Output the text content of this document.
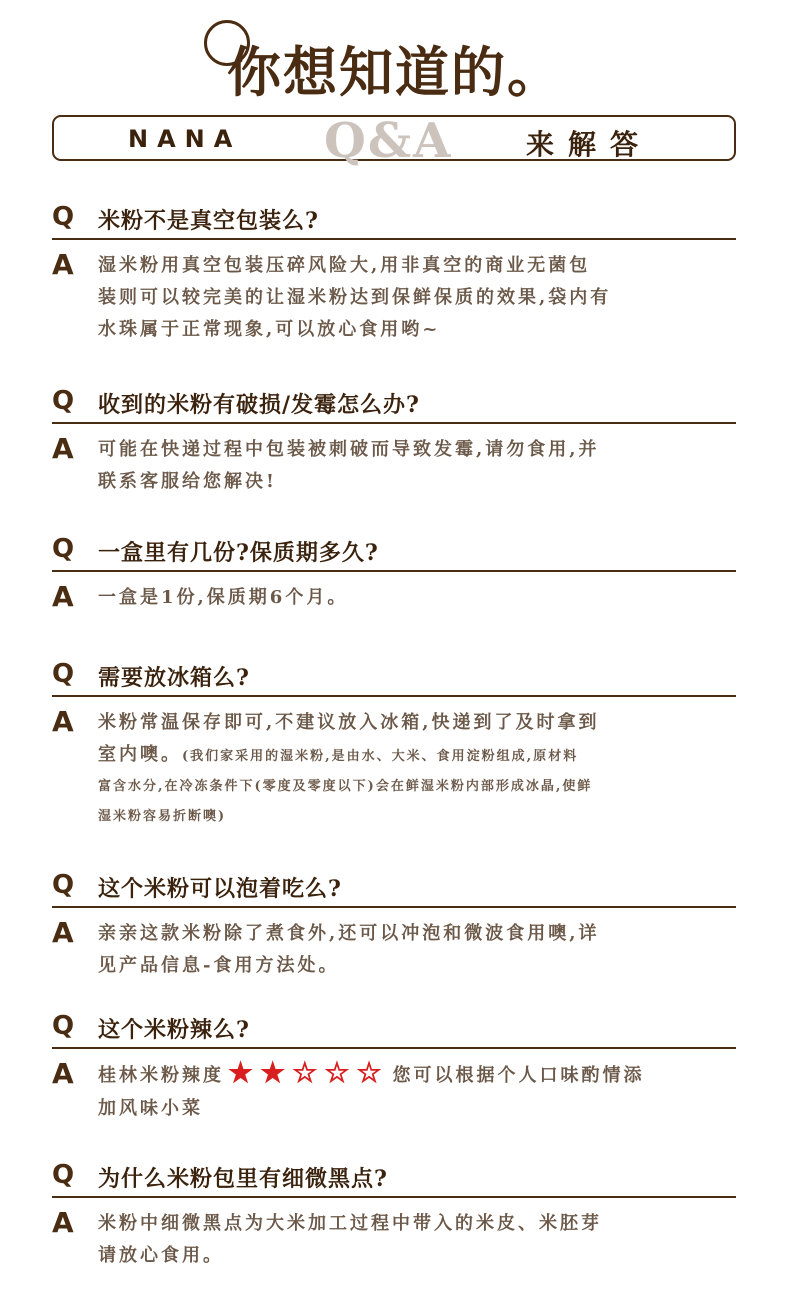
你想知道的。
NANA Q&A	来解答
Q 米粉不是真空包装么?
A 湿米粉用真空包装压碎风险大,用非真空的商业无菌包
装则可以较完美的让湿米粉达到保鲜保质的效果,袋内有
水珠属于正常现象,可以放心食用哟~
Q 收到的米粉有破损/发霉怎么办?
A 可能在快递过程中包装被刺破而导致发霉,请勿食用,并
联系客服给您解决!
Q 一盒里有几份?保质期多久?
A 一盒是1份,保质期6个月。
Q 需要放冰箱么?
A 米粉常温保存即可,不建议放入冰箱,快递到了及时拿到
室内噢。(我们家采用的湿米粉,是由水、大米、食用淀粉组成,原材料
富含水分,在冷冻条件下(零度及零度以下)会在鲜湿米粉内部形成冰晶,使鲜
湿米粉容易折断噢)
Q 这个米粉可以泡着吃么?
A 亲亲这款米粉除了煮食外,还可以冲泡和微波食用噢,详
见产品信息-食用方法处。
Q 这个米粉辣么?
A 桂林米粉辣度 ★ ★ ☆ ☆ ☆ 您可以根据个人口味酌情添
加风味小菜
Q 为什么米粉包里有细微黑点?
A 米粉中细微黑点为大米加工过程中带入的米皮、米胚芽
请放心食用。
